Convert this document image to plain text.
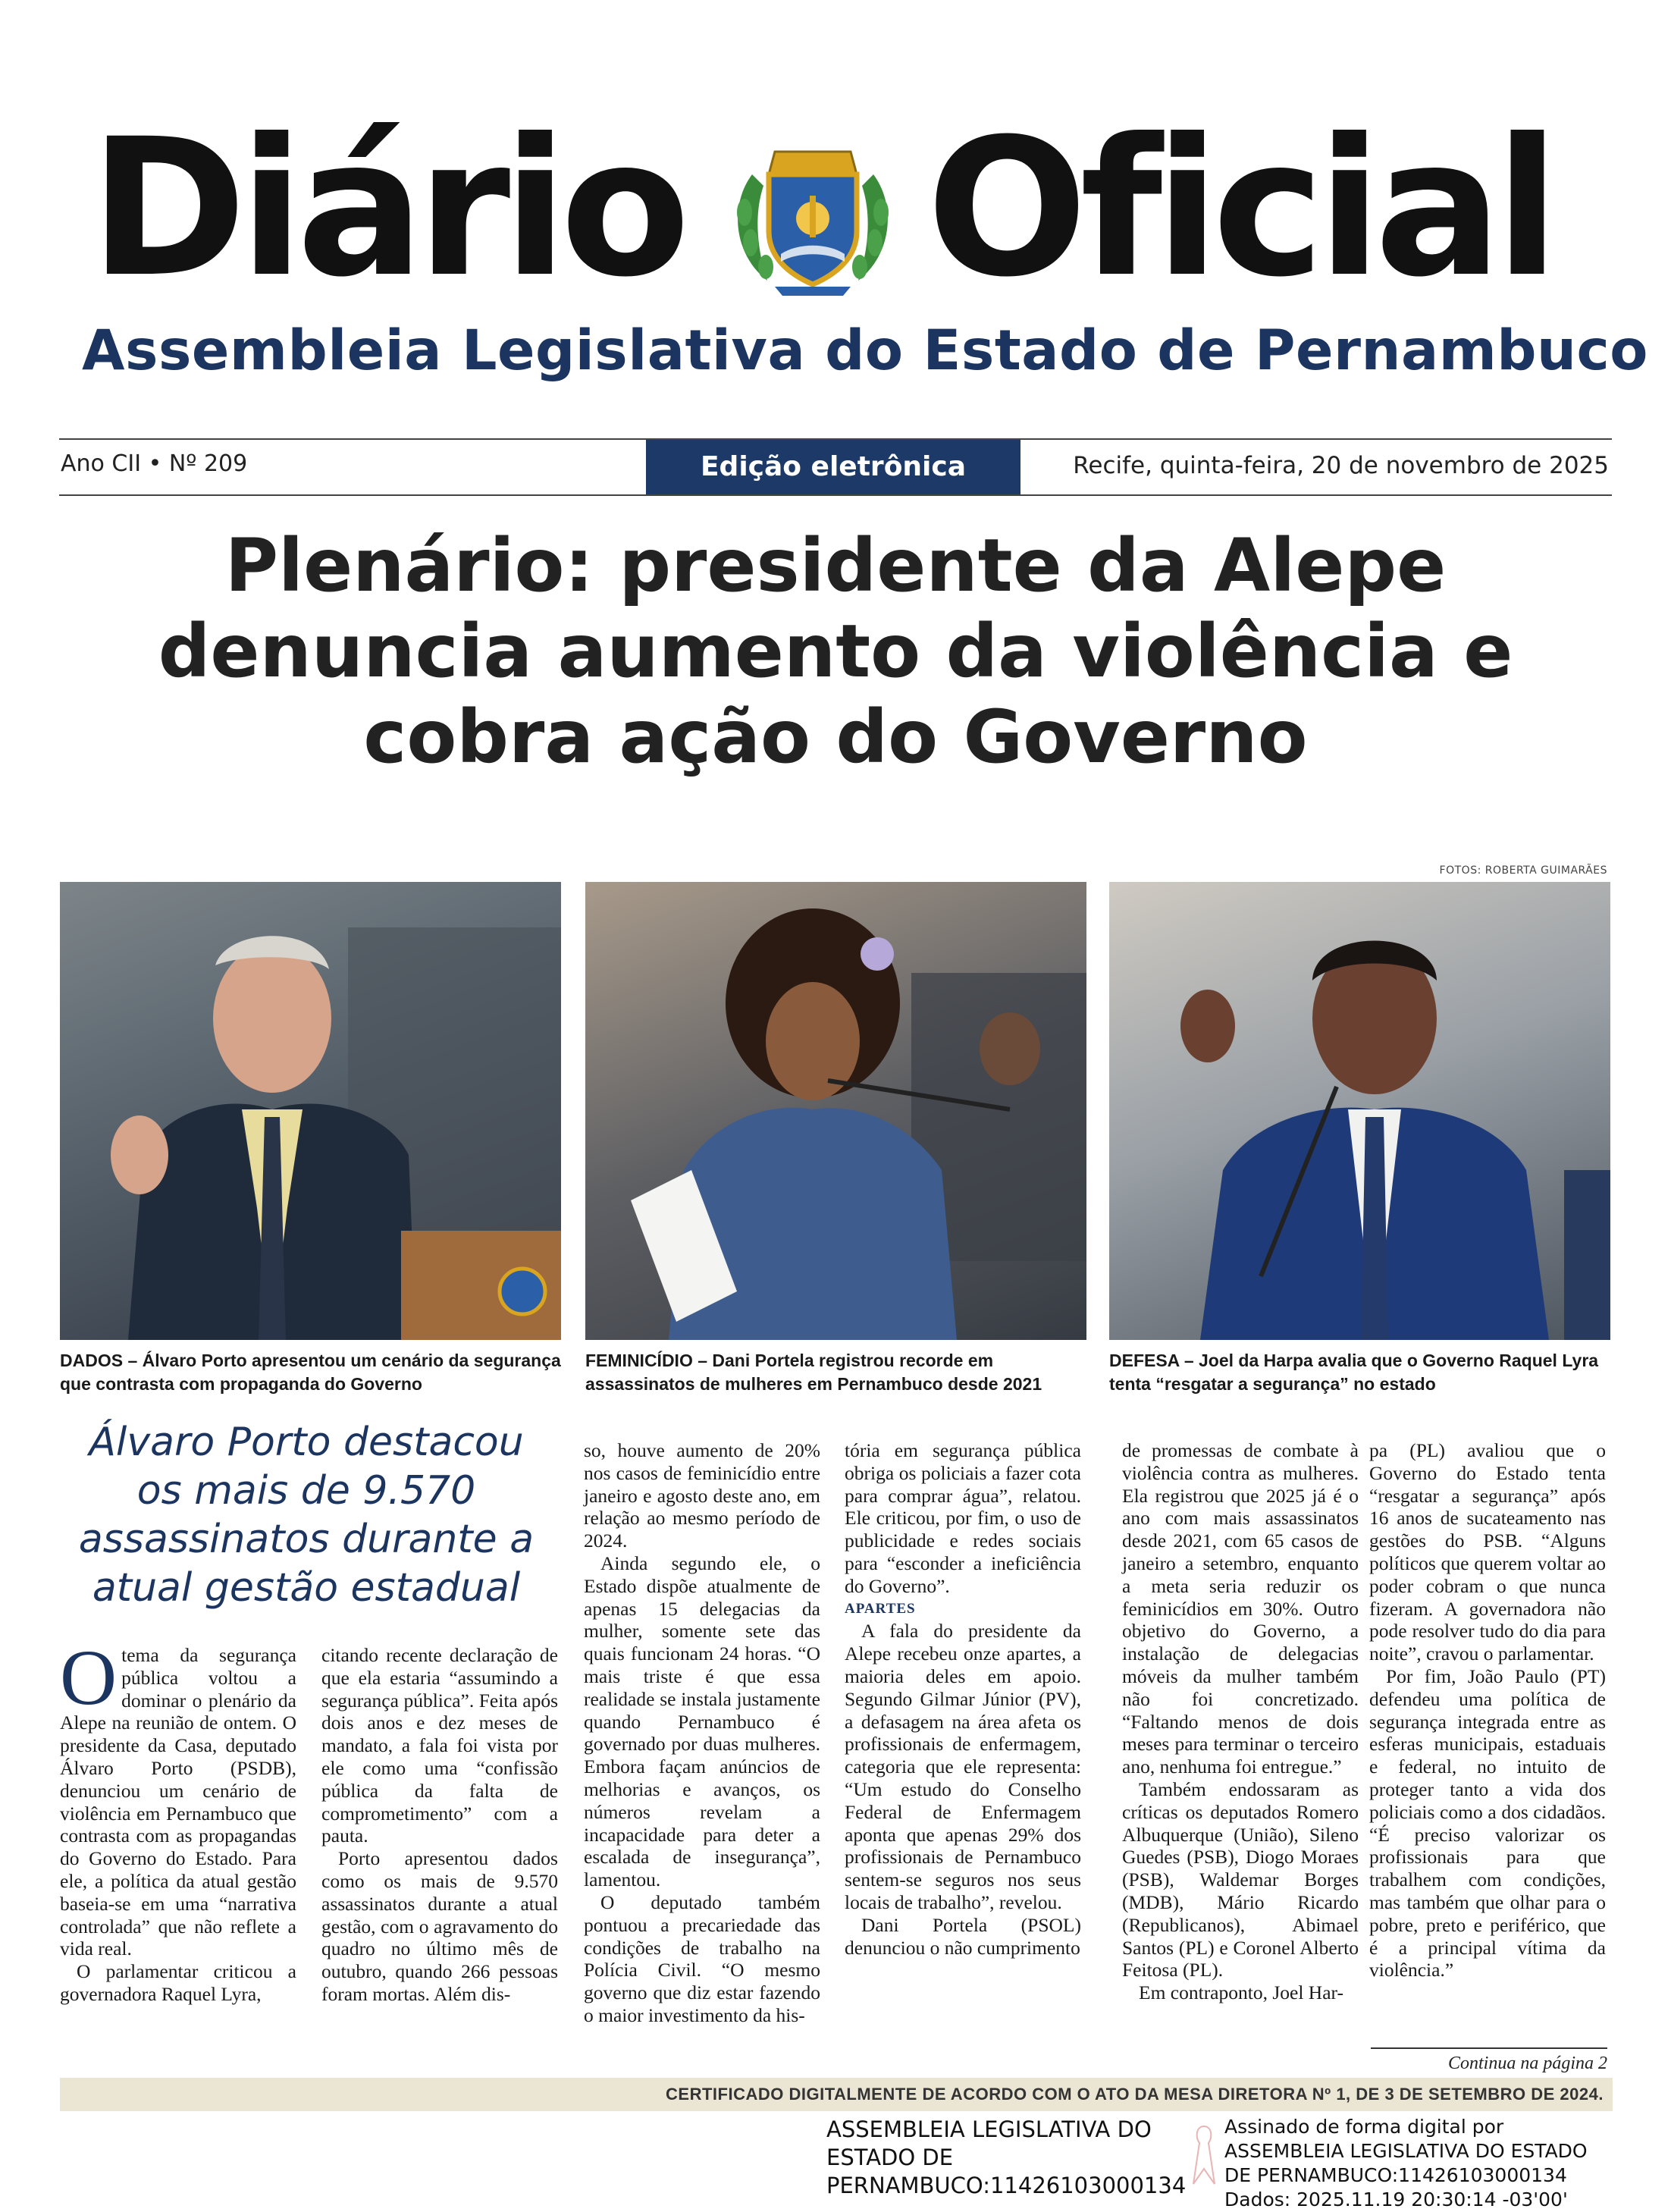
Diário Oficial
Assembleia Legislativa do Estado de Pernambuco
Ano CII • Nº 209	Edição eletrônica	Recife, quinta-feira, 20 de novembro de 2025
Plenário: presidente da Alepe denuncia aumento da violência e cobra ação do Governo
FOTOS: ROBERTA GUIMARÃES
DADOS – Álvaro Porto apresentou um cenário da segurança que contrasta com propaganda do Governo
FEMINICÍDIO – Dani Portela registrou recorde em assassinatos de mulheres em Pernambuco desde 2021
DEFESA – Joel da Harpa avalia que o Governo Raquel Lyra tenta “resgatar a segurança” no estado
Álvaro Porto destacou os mais de 9.570 assassinatos durante a atual gestão estadual

Otema da segurança pública voltou a dominar o plenário da Alepe na reunião de ontem. O presidente da Casa, deputado Álvaro Porto (PSDB), denunciou um cenário de violência em Pernambuco que contrasta com as propagandas do Governo do Estado. Para ele, a política da atual gestão baseia-se em uma “narrativa controlada” que não reflete a vida real.

O parlamentar criticou a governadora Raquel Lyra,

citando recente declaração de que ela estaria “assumindo a segurança pública”. Feita após dois anos e dez meses de mandato, a fala foi vista por ele como uma “confissão pública da falta de comprometimento” com a pauta.

Porto apresentou dados como os mais de 9.570 assassinatos durante a atual gestão, com o agravamento do quadro no último mês de outubro, quando 266 pessoas foram mortas. Além dis-

so, houve aumento de 20% nos casos de feminicídio entre janeiro e agosto deste ano, em relação ao mesmo período de 2024.

Ainda segundo ele, o Estado dispõe atualmente de apenas 15 delegacias da mulher, somente sete das quais funcionam 24 horas. “O mais triste é que essa realidade se instala justamente quando Pernambuco é governado por duas mulheres. Embora façam anúncios de melhorias e avanços, os números revelam a incapacidade para deter a escalada de insegurança”, lamentou.

O deputado também pontuou a precariedade das condições de trabalho na Polícia Civil. “O mesmo governo que diz estar fazendo o maior investimento da his-

tória em segurança pública obriga os policiais a fazer cota para comprar água”, relatou. Ele criticou, por fim, o uso de publicidade e redes sociais para “esconder a ineficiência do Governo”.

APARTES

A fala do presidente da Alepe recebeu onze apartes, a maioria deles em apoio. Segundo Gilmar Júnior (PV), a defasagem na área afeta os profissionais de enfermagem, categoria que ele representa: “Um estudo do Conselho Federal de Enfermagem aponta que apenas 29% dos profissionais de Pernambuco sentem-se seguros nos seus locais de trabalho”, revelou.

Dani Portela (PSOL) denunciou o não cumprimento

de promessas de combate à violência contra as mulheres. Ela registrou que 2025 já é o ano com mais assassinatos desde 2021, com 65 casos de janeiro a setembro, enquanto a meta seria reduzir os feminicídios em 30%. Outro objetivo do Governo, a instalação de delegacias móveis da mulher também não foi concretizado. “Faltando menos de dois meses para terminar o terceiro ano, nenhuma foi entregue.”

Também endossaram as críticas os deputados Romero Albuquerque (União), Sileno Guedes (PSB), Diogo Moraes (PSB), Waldemar Borges (MDB), Mário Ricardo (Republicanos), Abimael Santos (PL) e Coronel Alberto Feitosa (PL).

Em contraponto, Joel Har-

pa (PL) avaliou que o Governo do Estado tenta “resgatar a segurança” após 16 anos de sucateamento nas gestões do PSB. “Alguns políticos que querem voltar ao poder cobram o que nunca fizeram. A governadora não pode resolver tudo do dia para noite”, cravou o parlamentar.

Por fim, João Paulo (PT) defendeu uma política de segurança integrada entre as esferas municipais, estaduais e federal, no intuito de proteger tanto a vida dos policiais como a dos cidadãos. “É preciso valorizar os profissionais para que trabalhem com condições, mas também que olhar para o pobre, preto e periférico, que é a principal vítima da violência.”

Continua na página 2
CERTIFICADO DIGITALMENTE DE ACORDO COM O ATO DA MESA DIRETORA Nº 1, DE 3 DE SETEMBRO DE 2024.
ASSEMBLEIA LEGISLATIVA DO
ESTADO DE
PERNAMBUCO:11426103000134
Assinado de forma digital por
ASSEMBLEIA LEGISLATIVA DO ESTADO
DE PERNAMBUCO:11426103000134
Dados: 2025.11.19 20:30:14 -03'00'
